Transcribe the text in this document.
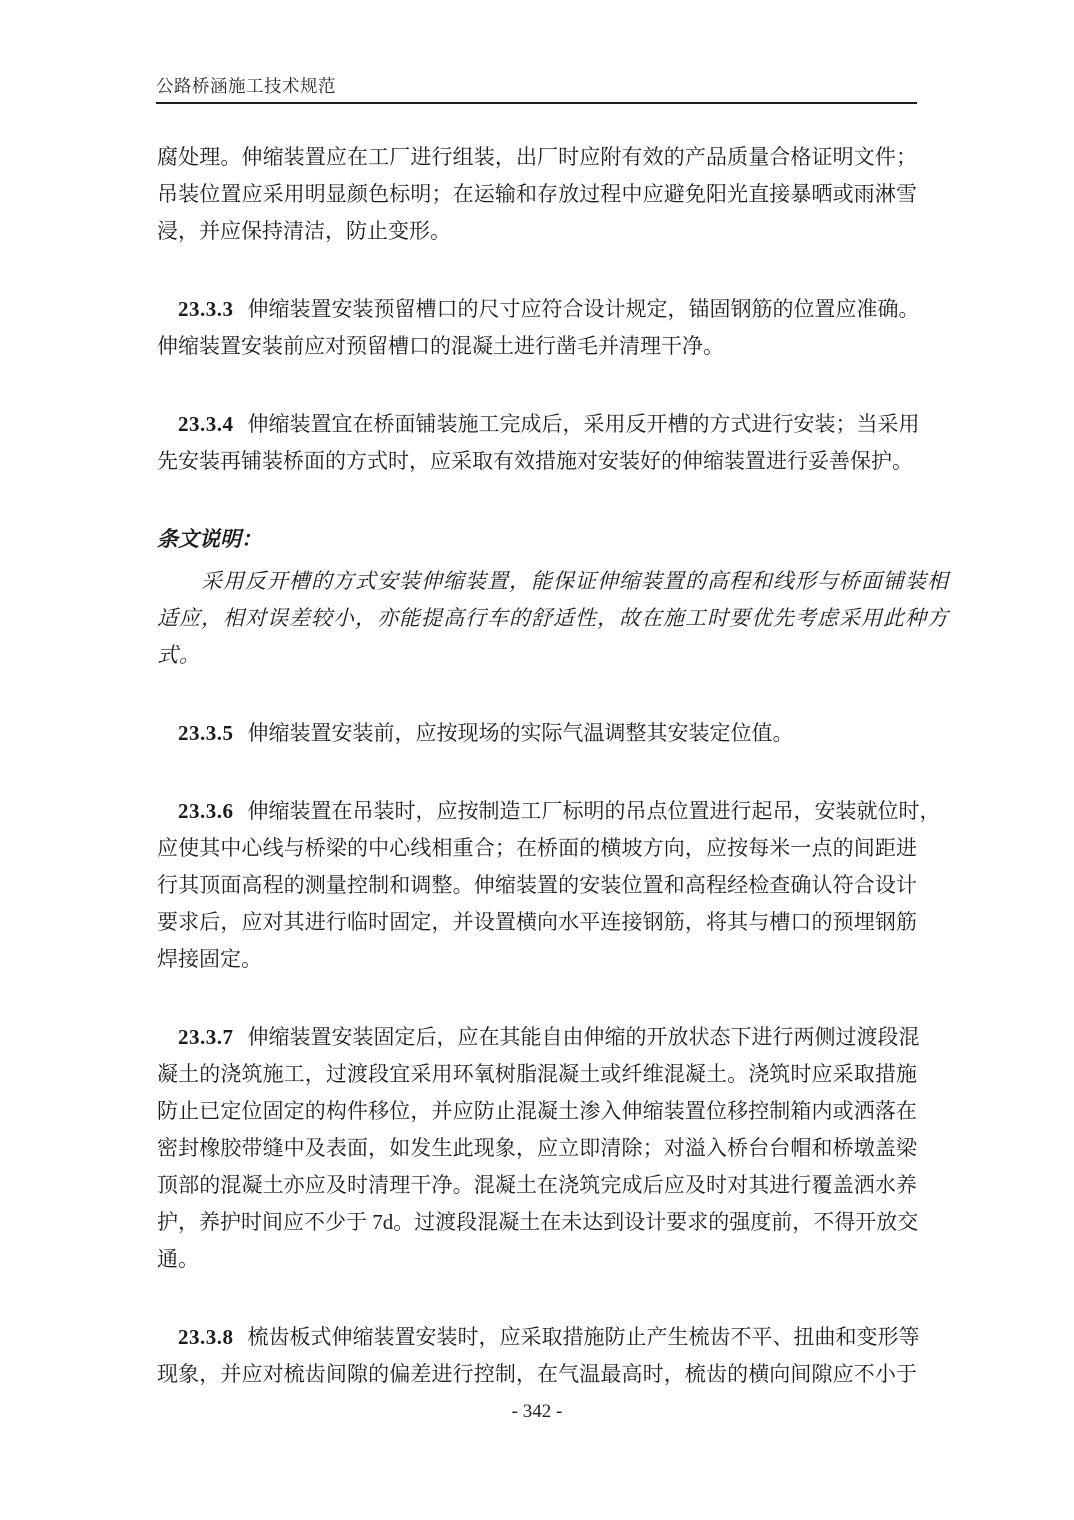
公路桥涵施工技术规范
腐处理。伸缩装置应在工厂进行组装，出厂时应附有效的产品质量合格证明文件；
吊装位置应采用明显颜色标明；在运输和存放过程中应避免阳光直接暴晒或雨淋雪
浸，并应保持清洁，防止变形。
23.3.3 伸缩装置安装预留槽口的尺寸应符合设计规定，锚固钢筋的位置应准确。
伸缩装置安装前应对预留槽口的混凝土进行凿毛并清理干净。
23.3.4 伸缩装置宜在桥面铺装施工完成后，采用反开槽的方式进行安装；当采用
先安装再铺装桥面的方式时，应采取有效措施对安装好的伸缩装置进行妥善保护。
条文说明：
采用反开槽的方式安装伸缩装置，能保证伸缩装置的高程和线形与桥面铺装相
适应，相对误差较小，亦能提高行车的舒适性，故在施工时要优先考虑采用此种方
式。
23.3.5 伸缩装置安装前，应按现场的实际气温调整其安装定位值。
23.3.6 伸缩装置在吊装时，应按制造工厂标明的吊点位置进行起吊，安装就位时，
应使其中心线与桥梁的中心线相重合；在桥面的横坡方向，应按每米一点的间距进
行其顶面高程的测量控制和调整。伸缩装置的安装位置和高程经检查确认符合设计
要求后，应对其进行临时固定，并设置横向水平连接钢筋，将其与槽口的预埋钢筋
焊接固定。
23.3.7 伸缩装置安装固定后，应在其能自由伸缩的开放状态下进行两侧过渡段混
凝土的浇筑施工，过渡段宜采用环氧树脂混凝土或纤维混凝土。浇筑时应采取措施
防止已定位固定的构件移位，并应防止混凝土渗入伸缩装置位移控制箱内或洒落在
密封橡胶带缝中及表面，如发生此现象，应立即清除；对溢入桥台台帽和桥墩盖梁
顶部的混凝土亦应及时清理干净。混凝土在浇筑完成后应及时对其进行覆盖洒水养
护，养护时间应不少于 7d。过渡段混凝土在未达到设计要求的强度前，不得开放交
通。
23.3.8 梳齿板式伸缩装置安装时，应采取措施防止产生梳齿不平、扭曲和变形等
现象，并应对梳齿间隙的偏差进行控制，在气温最高时，梳齿的横向间隙应不小于
- 342 -
